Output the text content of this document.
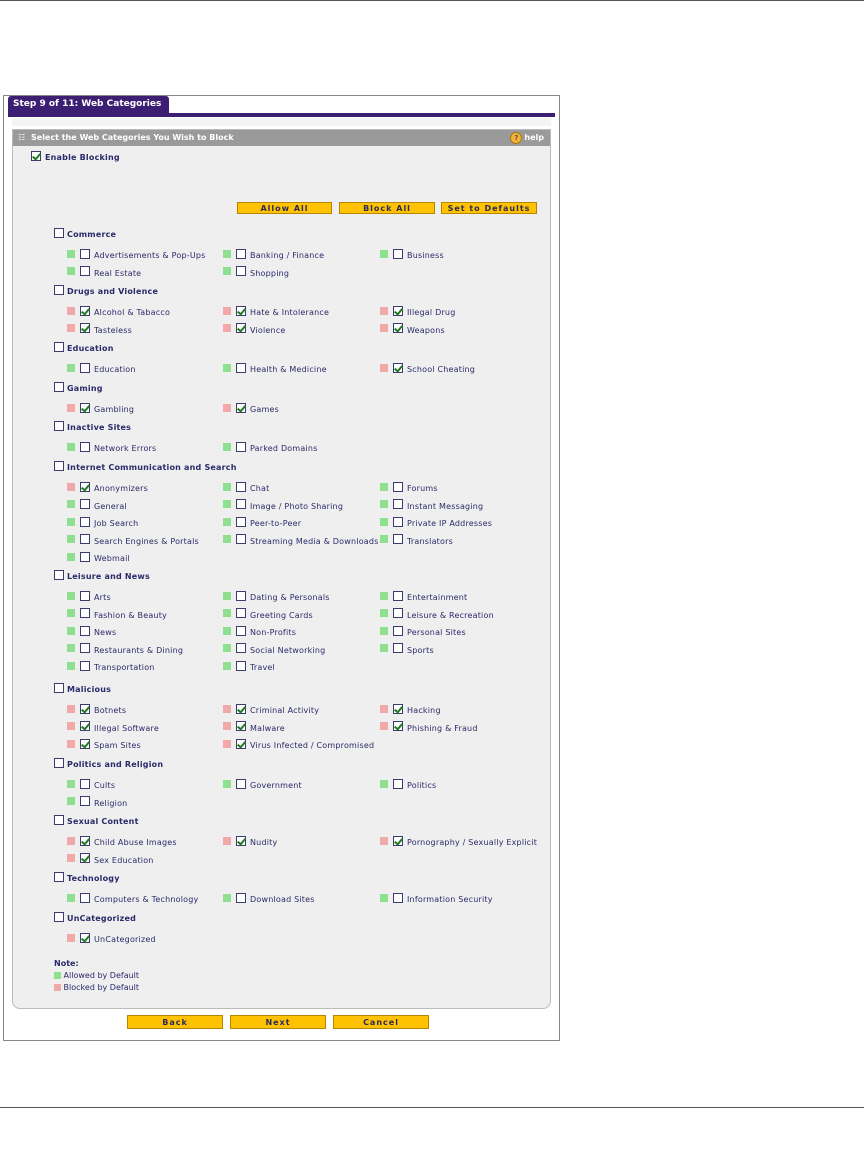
Step 9 of 11: Web Categories
☷ Select the Web Categories You Wish to Block	? help
Enable Blocking
Allow All	Block All	Set to Defaults
Commerce
Advertisements & Pop-Ups	Banking / Finance	Business
Real Estate	Shopping
Drugs and Violence
Alcohol & Tabacco	Hate & Intolerance	Illegal Drug
Tasteless	Violence	Weapons
Education
Education	Health & Medicine	School Cheating
Gaming
Gambling	Games
Inactive Sites
Network Errors	Parked Domains
Internet Communication and Search
Anonymizers	Chat	Forums
General	Image / Photo Sharing	Instant Messaging
Job Search	Peer-to-Peer	Private IP Addresses
Search Engines & Portals	Streaming Media & Downloads	Translators
Webmail
Leisure and News
Arts	Dating & Personals	Entertainment
Fashion & Beauty	Greeting Cards	Leisure & Recreation
News	Non-Profits	Personal Sites
Restaurants & Dining	Social Networking	Sports
Transportation	Travel
Malicious
Botnets	Criminal Activity	Hacking
Illegal Software	Malware	Phishing & Fraud
Spam Sites	Virus Infected / Compromised
Politics and Religion
Cults	Government	Politics
Religion
Sexual Content
Child Abuse Images	Nudity	Pornography / Sexually Explicit
Sex Education
Technology
Computers & Technology	Download Sites	Information Security
UnCategorized
UnCategorized
Note:
Allowed by Default
Blocked by Default
Back	Next	Cancel
